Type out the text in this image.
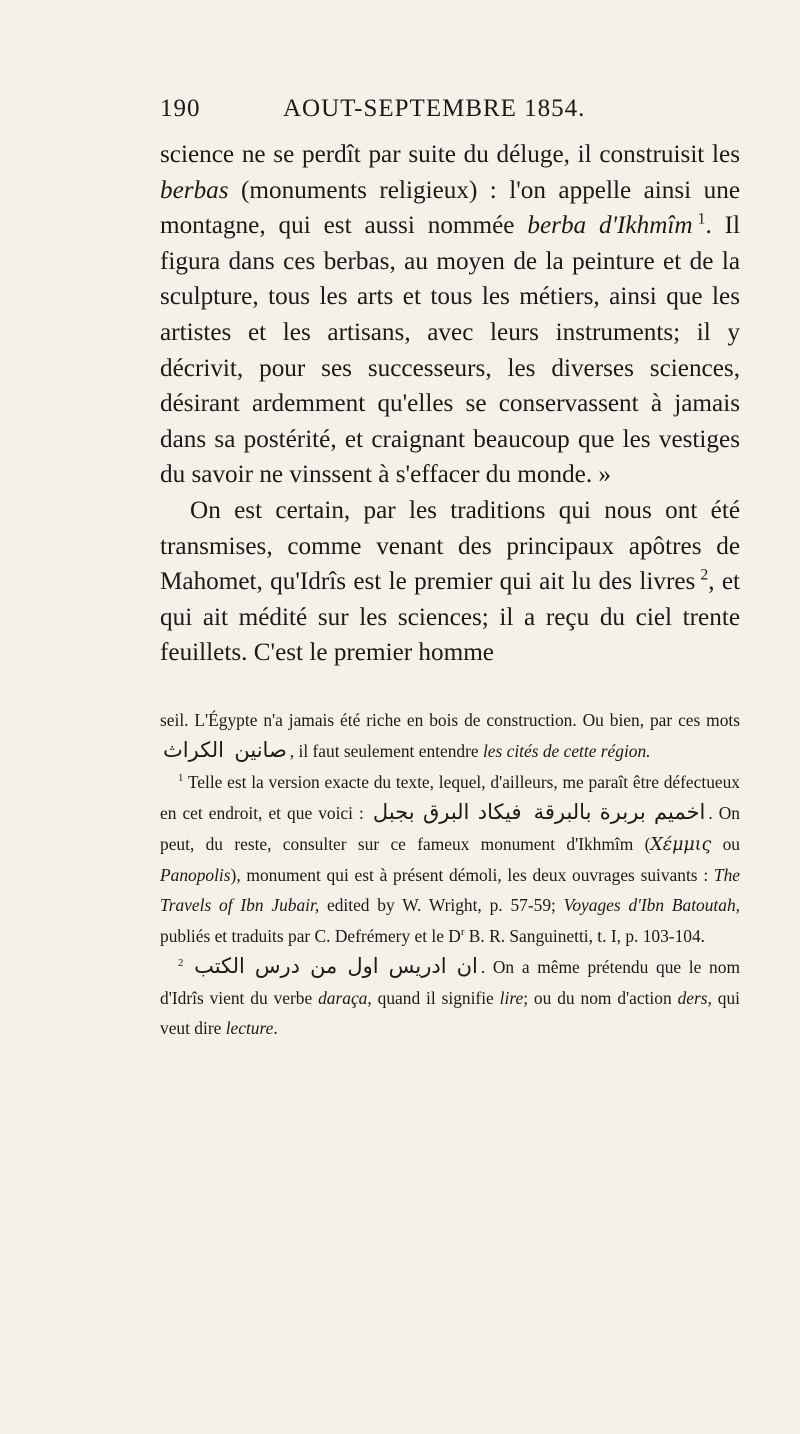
190	AOUT-SEPTEMBRE 1854.

science ne se perdît par suite du déluge, il construisit les berbas (monuments religieux) : l'on appelle ainsi une montagne, qui est aussi nommée berba d'Ikhmîm  $^1$. Il figura dans ces berbas, au moyen de la peinture et de la sculpture, tous les arts et tous les métiers, ainsi que les artistes et les artisans, avec leurs instruments; il y décrivit, pour ses successeurs, les diverses sciences, désirant ardemment qu'elles se conservassent à jamais dans sa postérité, et craignant beaucoup que les vestiges du savoir ne vinssent à s'effacer du monde. »

On est certain, par les traditions qui nous ont été transmises, comme venant des principaux apôtres de Mahomet, qu'Idrîs est le premier qui ait lu des livres  $^2$, et qui ait médité sur les sciences; il a reçu du ciel trente feuillets. C'est le premier homme

seil. L'Égypte n'a jamais été riche en bois de construction. Ou bien, par ces mots الكراث صانين , il faut seulement entendre les cités de cette région.

$^1$ Telle est la version exacte du texte, lequel, d'ailleurs, me paraît être défectueux en cet endroit, et que voici : فيكاد البرق بجبل اخميم بربرة بالبرقة . On peut, du reste, consulter sur ce fameux monument d'Ikhmîm (Χέμμις ou Panopolis), monument qui est à présent démoli, les deux ouvrages suivants : The Travels of Ibn Jubair, edited by W. Wright, p. 57-59; Voyages d'Ibn Batoutah, publiés et traduits par C. Defrémery et le $D^r$ B. R. Sanguinetti, t. I, p. 103-104.

$^2$ ان ادريس اول من درس الكتب . On a même prétendu que le nom d'Idrîs vient du verbe daraça, quand il signifie lire; ou du nom d'action ders, qui veut dire lecture.
